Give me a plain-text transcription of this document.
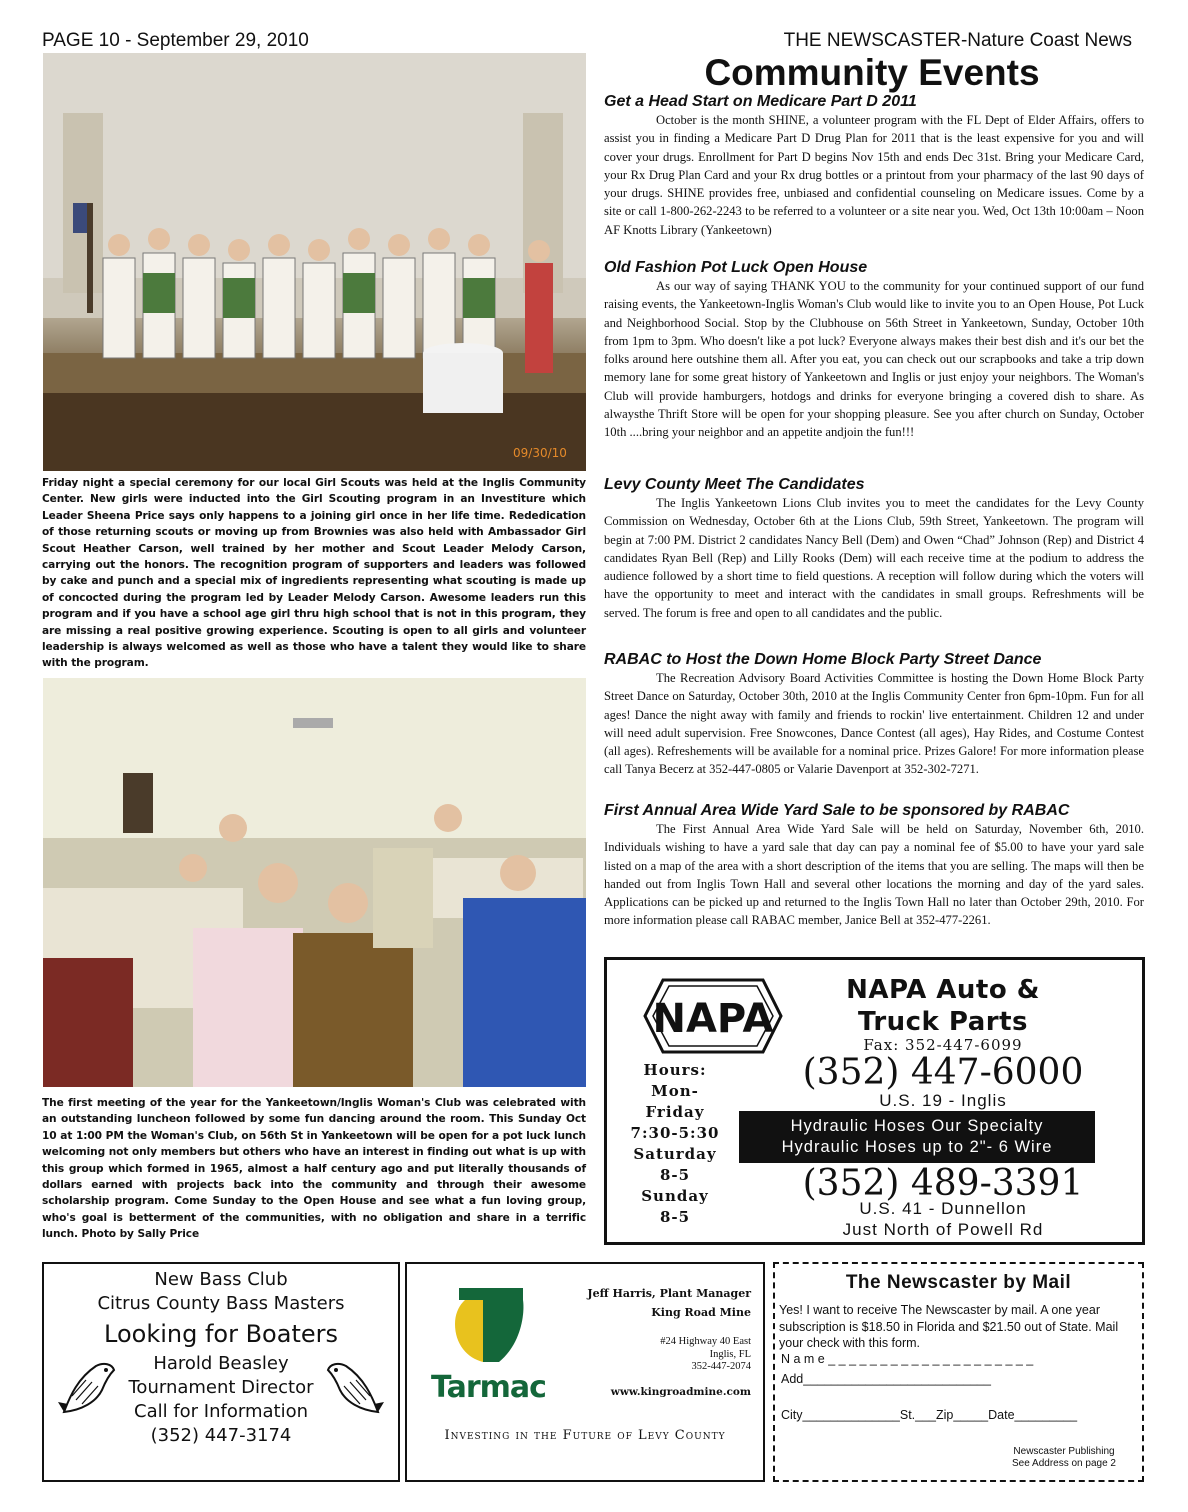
PAGE 10 - September 29, 2010	THE NEWSCASTER-Nature Coast News
Community Events
09/30/10
Friday night a special ceremony for our local Girl Scouts was held at the Inglis Community Center. New girls were inducted into the Girl Scouting program in an Investiture which Leader Sheena Price says only happens to a joining girl once in her life time. Rededication of those returning scouts or moving up from Brownies was also held with Ambassador Girl Scout Heather Carson, well trained by her mother and Scout Leader Melody Carson, carrying out the honors. The recognition program of supporters and leaders was followed by cake and punch and a special mix of ingredients representing what scouting is made up of concocted during the program led by Leader Melody Carson. Awesome leaders run this program and if you have a school age girl thru high school that is not in this program, they are missing a real positive growing experience. Scouting is open to all girls and volunteer leadership is always welcomed as well as those who have a talent they would like to share with the program.
The first meeting of the year for the Yankeetown/Inglis Woman's Club was celebrated with an outstanding luncheon followed by some fun dancing around the room. This Sunday Oct 10 at 1:00 PM the Woman's Club, on 56th St in Yankeetown will be open for a pot luck lunch welcoming not only members but others who have an interest in finding out what is up with this group which formed in 1965, almost a half century ago and put literally thousands of dollars earned with projects back into the community and through their awesome scholarship program. Come Sunday to the Open House and see what a fun loving group, who's goal is betterment of the communities, with no obligation and share in a terrific lunch. Photo by Sally Price
Get a Head Start on Medicare Part D 2011

October is the month SHINE, a volunteer program with the FL Dept of Elder Affairs, offers to assist you in finding a Medicare Part D Drug Plan for 2011 that is the least expensive for you and will cover your drugs. Enrollment for Part D begins Nov 15th and ends Dec 31st. Bring your Medicare Card, your Rx Drug Plan Card and your Rx drug bottles or a printout from your pharmacy of the last 90 days of your drugs. SHINE provides free, unbiased and confidential counseling on Medicare issues. Come by a site or call 1-800-262-2243 to be referred to a volunteer or a site near you. Wed, Oct 13th 10:00am – Noon AF Knotts Library (Yankeetown)

Old Fashion Pot Luck Open House

As our way of saying THANK YOU to the community for your continued support of our fund raising events, the Yankeetown-Inglis Woman's Club would like to invite you to an Open House, Pot Luck and Neighborhood Social. Stop by the Clubhouse on 56th Street in Yankeetown, Sunday, October 10th from 1pm to 3pm. Who doesn't like a pot luck? Everyone always makes their best dish and it's our bet the folks around here outshine them all. After you eat, you can check out our scrapbooks and take a trip down memory lane for some great history of Yankeetown and Inglis or just enjoy your neighbors. The Woman's Club will provide hamburgers, hotdogs and drinks for everyone bringing a covered dish to share. As alwaysthe Thrift Store will be open for your shopping pleasure. See you after church on Sunday, October 10th ....bring your neighbor and an appetite andjoin the fun!!!

Levy County Meet The Candidates

The Inglis Yankeetown Lions Club invites you to meet the candidates for the Levy County Commission on Wednesday, October 6th at the Lions Club, 59th Street, Yankeetown. The program will begin at 7:00 PM. District 2 candidates Nancy Bell (Dem) and Owen “Chad” Johnson (Rep) and District 4 candidates Ryan Bell (Rep) and Lilly Rooks (Dem) will each receive time at the podium to address the audience followed by a short time to field questions. A reception will follow during which the voters will have the opportunity to meet and interact with the candidates in small groups. Refreshments will be served. The forum is free and open to all candidates and the public.

RABAC to Host the Down Home Block Party Street Dance

The Recreation Advisory Board Activities Committee is hosting the Down Home Block Party Street Dance on Saturday, October 30th, 2010 at the Inglis Community Center fron 6pm-10pm. Fun for all ages! Dance the night away with family and friends to rockin' live entertainment. Children 12 and under will need adult supervision. Free Snowcones, Dance Contest (all ages), Hay Rides, and Costume Contest (all ages). Refreshements will be available for a nominal price. Prizes Galore! For more information please call Tanya Becerz at 352-447-0805 or Valarie Davenport at 352-302-7271.

First Annual Area Wide Yard Sale to be sponsored by RABAC

The First Annual Area Wide Yard Sale will be held on Saturday, November 6th, 2010. Individuals wishing to have a yard sale that day can pay a nominal fee of $5.00 to have your yard sale listed on a map of the area with a short description of the items that you are selling. The maps will then be handed out from Inglis Town Hall and several other locations the morning and day of the yard sales. Applications can be picked up and returned to the Inglis Town Hall no later than October 29th, 2010. For more information please call RABAC member, Janice Bell at 352-477-2261.

NAPA
NAPA Auto &
Truck Parts
Fax: 352-447-6099
Hours:
Mon-
Friday
7:30-5:30
Saturday
8-5
Sunday
8-5
(352) 447-6000
U.S. 19 - Inglis
Hydraulic Hoses Our Specialty
Hydraulic Hoses up to 2"- 6 Wire
(352) 489-3391
U.S. 41 - Dunnellon
Just North of Powell Rd
New Bass Club
Citrus County Bass Masters
Looking for Boaters
Harold Beasley
Tournament Director
Call for Information
(352) 447-3174
Tarmac
Jeff Harris, Plant Manager
King Road Mine
#24 Highway 40 East
Inglis, FL
352-447-2074
www.kingroadmine.com
Investing in the Future of Levy County
The Newscaster by Mail

Yes! I want to receive The Newscaster by mail. A one year subscription is $18.50 in Florida and $21.50 out of State. Mail your check with this form.

N a m e _ _ _ _ _ _ _ _ _ _ _ _ _ _ _ _ _ _ _ _
Add___________________________
City______________St.___Zip_____Date_________
Newscaster Publishing
See Address on page 2
